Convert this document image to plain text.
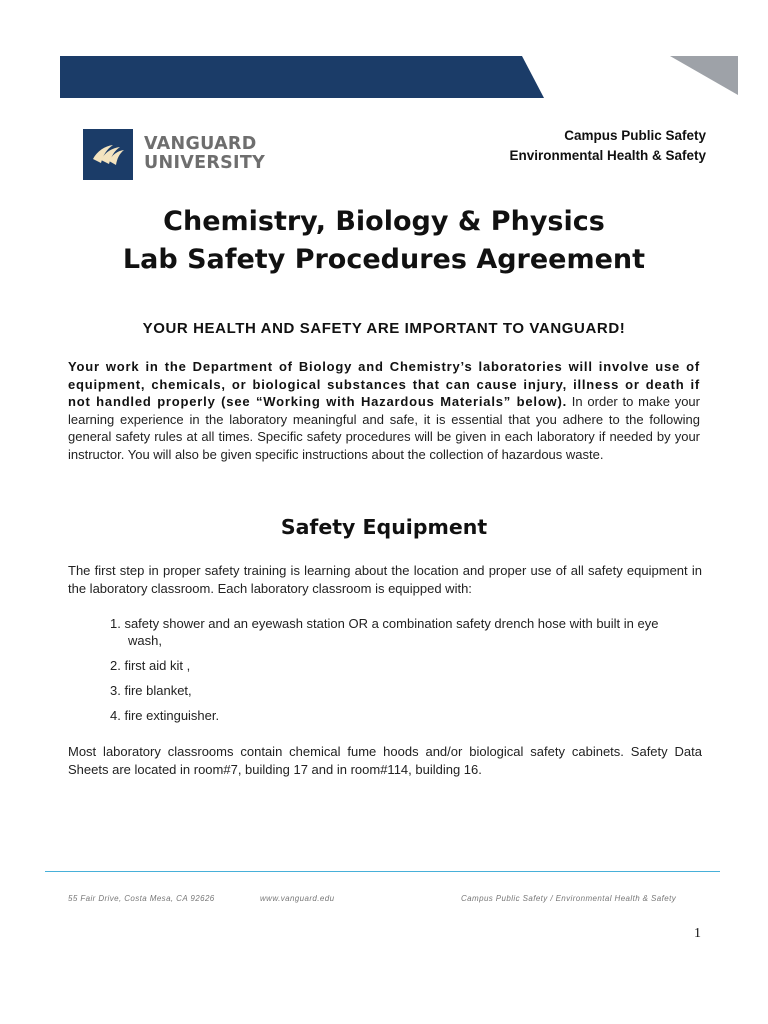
VANGUARD
UNIVERSITY
Campus Public Safety
Environmental Health & Safety
Chemistry, Biology & Physics
Lab Safety Procedures Agreement
YOUR HEALTH AND SAFETY ARE IMPORTANT TO VANGUARD!

Your work in the Department of Biology and Chemistry’s laboratories will involve use of equipment, chemicals, or biological substances that can cause injury, illness or death if not handled properly (see “Working with Hazardous Materials” below). In order to make your learning experience in the laboratory meaningful and safe, it is essential that you adhere to the following general safety rules at all times. Specific safety procedures will be given in each laboratory if needed by your instructor. You will also be given specific instructions about the collection of hazardous waste.

Safety Equipment

The first step in proper safety training is learning about the location and proper use of all safety equipment in the laboratory classroom. Each laboratory classroom is equipped with:

1. safety shower and an eyewash station OR a combination safety drench hose with built in eye wash,
2. first aid kit ,
3. fire blanket,
4. fire extinguisher.

Most laboratory classrooms contain chemical fume hoods and/or biological safety cabinets. Safety Data Sheets are located in room#7, building 17 and in room#114, building 16.

55 Fair Drive, Costa Mesa, CA 92626	www.vanguard.edu	Campus Public Safety / Environmental Health & Safety
1
